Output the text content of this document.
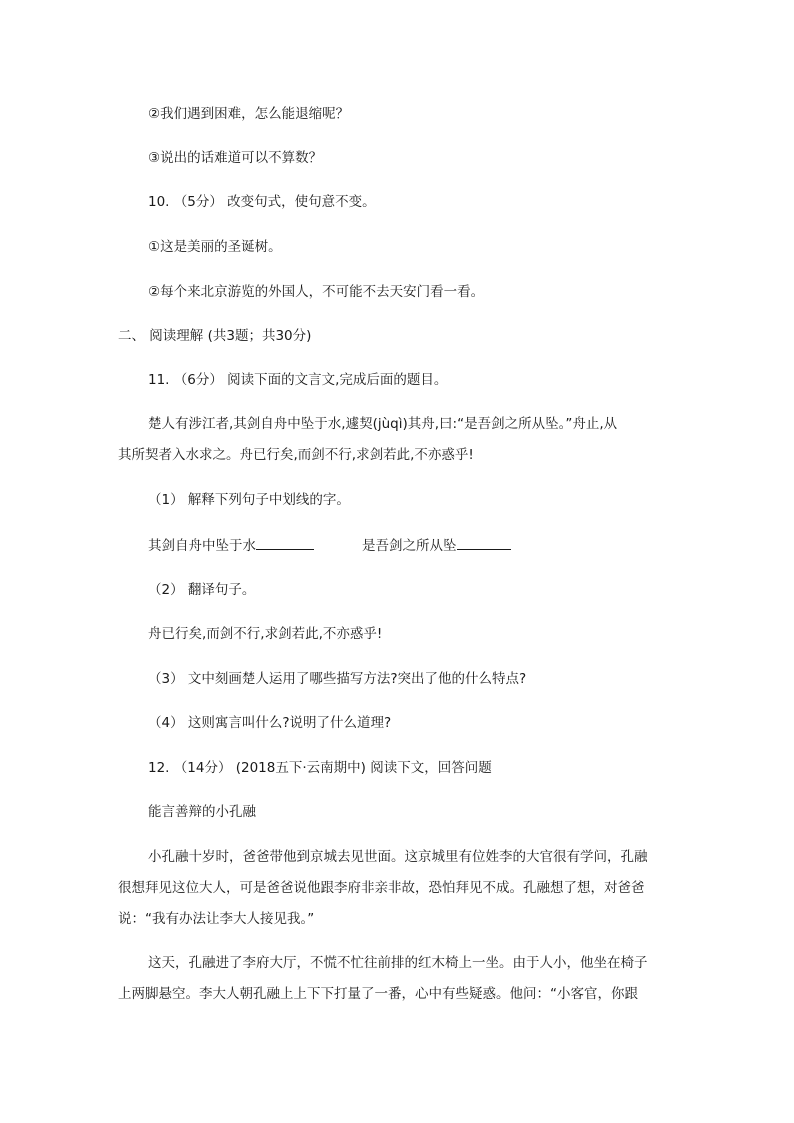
②我们遇到困难，怎么能退缩呢？
③说出的话难道可以不算数？
10. （5分） 改变句式，使句意不变。
①这是美丽的圣诞树。
②每个来北京游览的外国人，不可能不去天安门看一看。
二、 阅读理解 (共3题；共30分)
11. （6分） 阅读下面的文言文,完成后面的题目。
楚人有涉江者,其剑自舟中坠于水,遽契(jùqì)其舟,曰:“是吾剑之所从坠。”舟止,从
其所契者入水求之。舟已行矣,而剑不行,求剑若此,不亦惑乎!
（1） 解释下列句子中划线的字。
其剑自舟中坠于水	是吾剑之所从坠
（2） 翻译句子。
舟已行矣,而剑不行,求剑若此,不亦惑乎!
（3） 文中刻画楚人运用了哪些描写方法?突出了他的什么特点?
（4） 这则寓言叫什么?说明了什么道理?
12. （14分） (2018五下·云南期中) 阅读下文，回答问题
能言善辩的小孔融
小孔融十岁时，爸爸带他到京城去见世面。这京城里有位姓李的大官很有学问，孔融
很想拜见这位大人，可是爸爸说他跟李府非亲非故，恐怕拜见不成。孔融想了想，对爸爸
说：“我有办法让李大人接见我。”
这天，孔融进了李府大厅，不慌不忙往前排的红木椅上一坐。由于人小，他坐在椅子
上两脚悬空。李大人朝孔融上上下下打量了一番，心中有些疑惑。他问：“小客官，你跟
